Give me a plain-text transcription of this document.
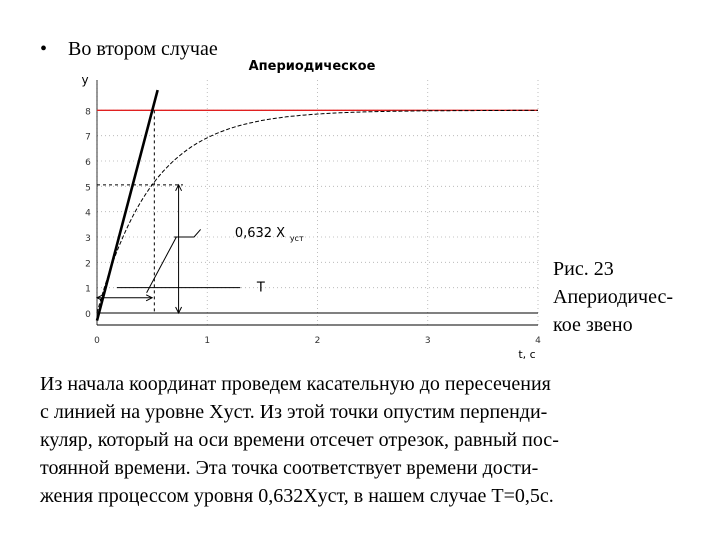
• Во втором случае
0
1
2
3
4
5
6
7
8
0	1	2	3	4
Апериодическое
y
t, с
0,632 X уст
T
Рис. 23
Апериодичес-
кое звено
Из начала координат проведем касательную до пересечения
с линией на уровне Xуст. Из этой точки опустим перпенди-
куляр, который на оси времени отсечет отрезок, равный пос-
тоянной времени. Эта точка соответствует времени дости-
жения процессом уровня 0,632Xуст, в нашем случае T=0,5с.
